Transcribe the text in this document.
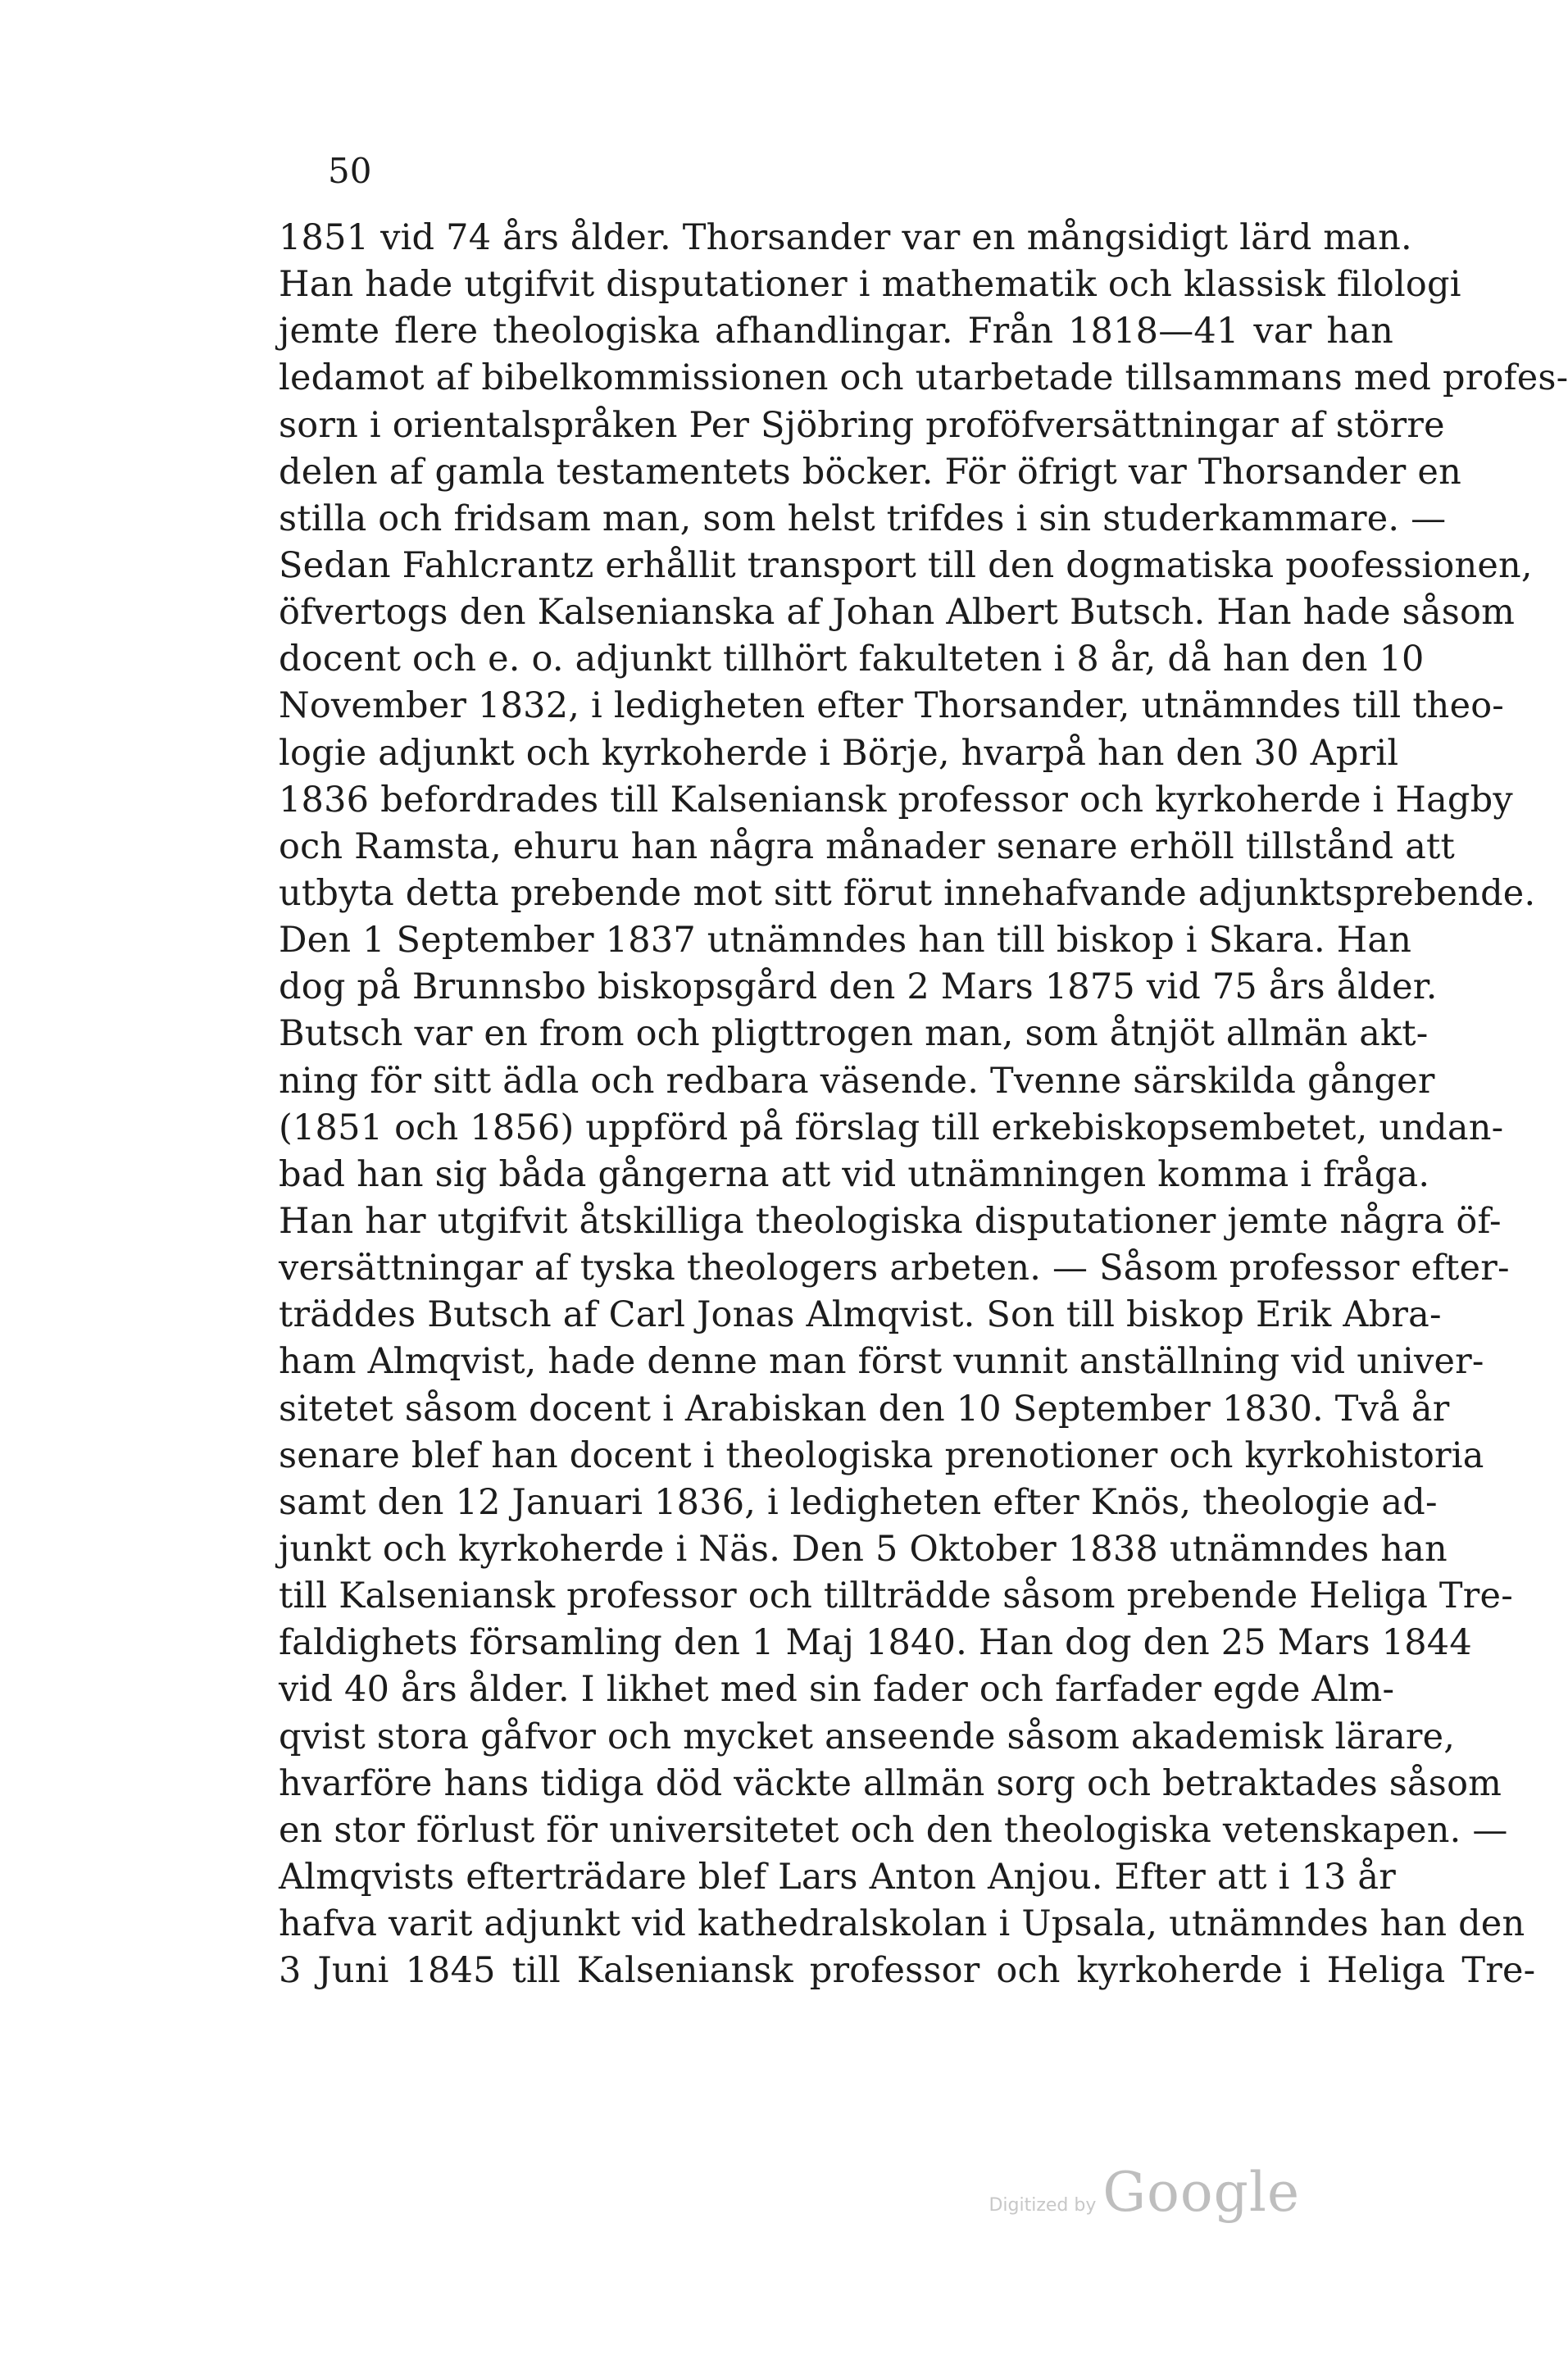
50
1851 vid 74 års ålder. Thorsander var en mångsidigt lärd man.
Han hade utgifvit disputationer i mathematik och klassisk filologi
jemte flere theologiska afhandlingar. Från 1818—41 var han
ledamot af bibelkommissionen och utarbetade tillsammans med profes-
sorn i orientalspråken Per Sjöbring proföfversättningar af större
delen af gamla testamentets böcker. För öfrigt var Thorsander en
stilla och fridsam man, som helst trifdes i sin studerkammare. —
Sedan Fahlcrantz erhållit transport till den dogmatiska poofessionen,
öfvertogs den Kalsenianska af Johan Albert Butsch. Han hade såsom
docent och e. o. adjunkt tillhört fakulteten i 8 år, då han den 10
November 1832, i ledigheten efter Thorsander, utnämndes till theo-
logie adjunkt och kyrkoherde i Börje, hvarpå han den 30 April
1836 befordrades till Kalseniansk professor och kyrkoherde i Hagby
och Ramsta, ehuru han några månader senare erhöll tillstånd att
utbyta detta prebende mot sitt förut innehafvande adjunktsprebende.
Den 1 September 1837 utnämndes han till biskop i Skara. Han
dog på Brunnsbo biskopsgård den 2 Mars 1875 vid 75 års ålder.
Butsch var en from och pligttrogen man, som åtnjöt allmän akt-
ning för sitt ädla och redbara väsende. Tvenne särskilda gånger
(1851 och 1856) uppförd på förslag till erkebiskopsembetet, undan-
bad han sig båda gångerna att vid utnämningen komma i fråga.
Han har utgifvit åtskilliga theologiska disputationer jemte några öf-
versättningar af tyska theologers arbeten. — Såsom professor efter-
träddes Butsch af Carl Jonas Almqvist. Son till biskop Erik Abra-
ham Almqvist, hade denne man först vunnit anställning vid univer-
sitetet såsom docent i Arabiskan den 10 September 1830. Två år
senare blef han docent i theologiska prenotioner och kyrkohistoria
samt den 12 Januari 1836, i ledigheten efter Knös, theologie ad-
junkt och kyrkoherde i Näs. Den 5 Oktober 1838 utnämndes han
till Kalseniansk professor och tillträdde såsom prebende Heliga Tre-
faldighets församling den 1 Maj 1840. Han dog den 25 Mars 1844
vid 40 års ålder. I likhet med sin fader och farfader egde Alm-
qvist stora gåfvor och mycket anseende såsom akademisk lärare,
hvarföre hans tidiga död väckte allmän sorg och betraktades såsom
en stor förlust för universitetet och den theologiska vetenskapen. —
Almqvists efterträdare blef Lars Anton Anjou. Efter att i 13 år
hafva varit adjunkt vid kathedralskolan i Upsala, utnämndes han den
3 Juni 1845 till Kalseniansk professor och kyrkoherde i Heliga Tre-
Digitized by Google
